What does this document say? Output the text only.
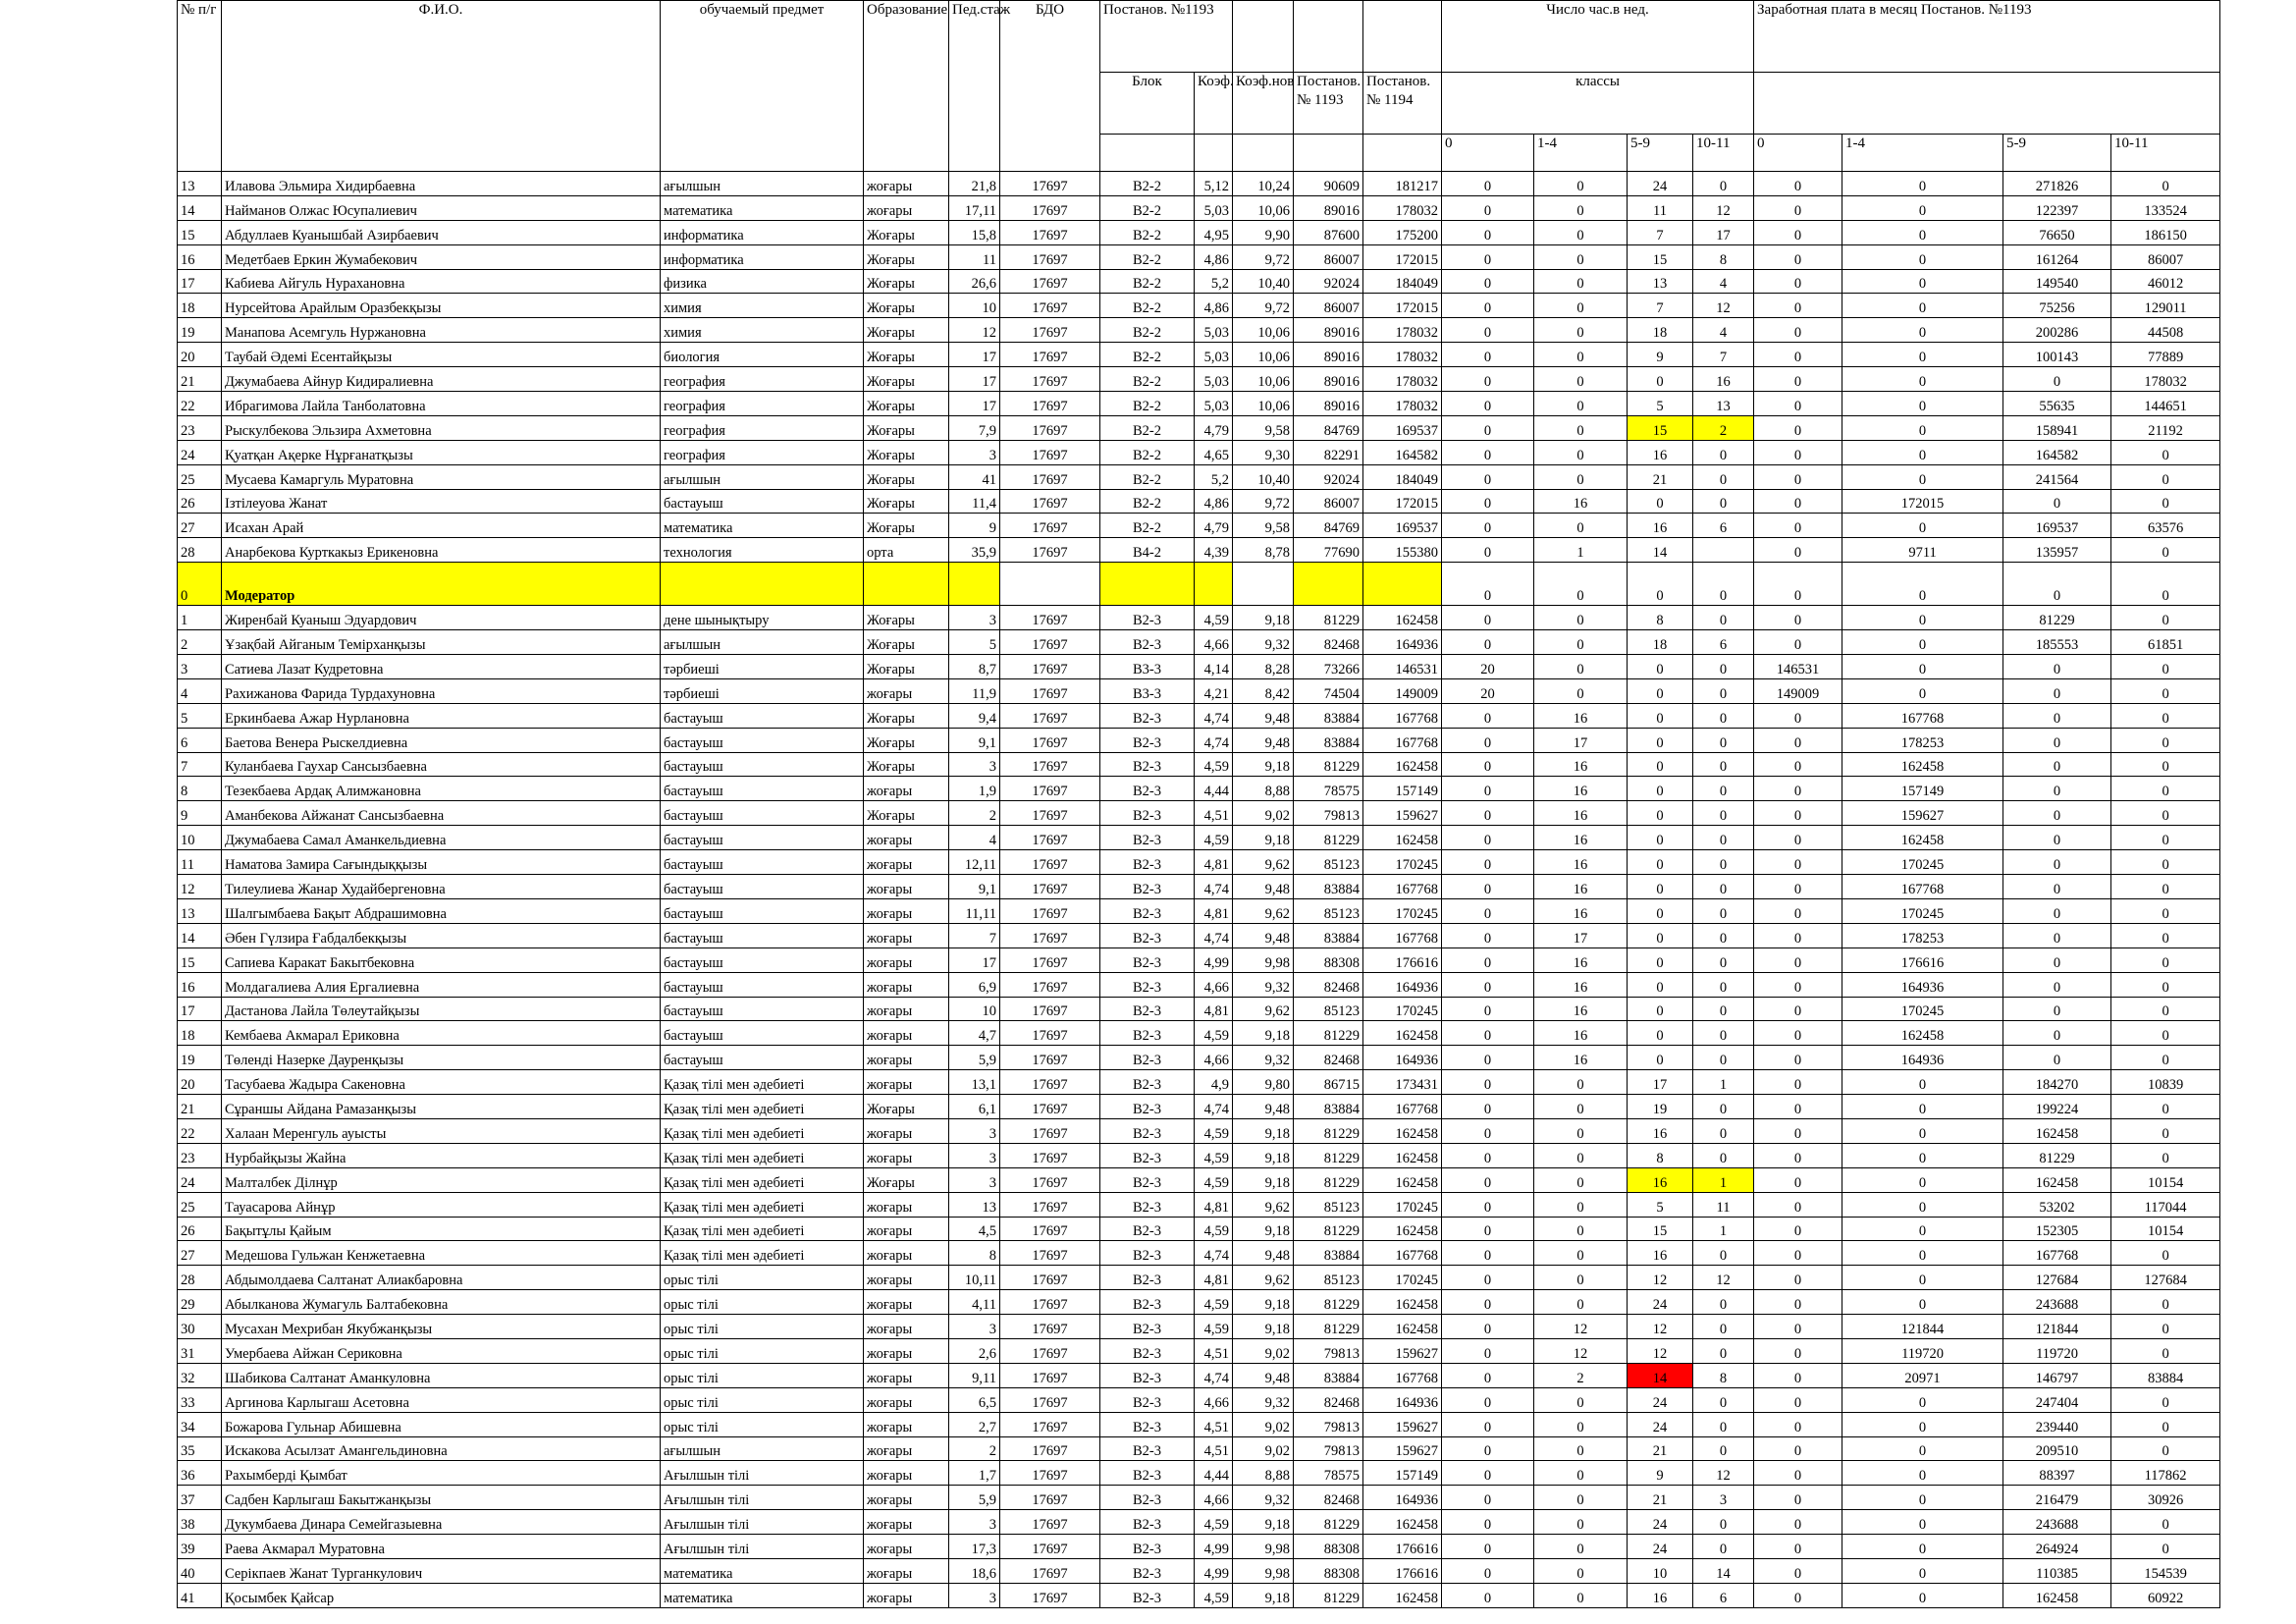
№ п/г	Ф.И.О.	обучаемый предмет	Образование	Пед.стаж	БДО	Постанов. №1193					Число час.в нед.				Заработная плата в месяц Постанов. №1193			
						Блок	Коэф.	Коэф.нов	Постанов. № 1193	Постанов. № 1194	классы							
											0	1-4	5-9	10-11	0	1-4	5-9	10-11
13	Илавова Эльмира Хидирбаевна	ағылшын	жоғары	21,8	17697	В2-2	5,12	10,24	90609	181217	0	0	24	0	0	0	271826	0
14	Найманов Олжас Юсупалиевич	математика	жоғары	17,11	17697	В2-2	5,03	10,06	89016	178032	0	0	11	12	0	0	122397	133524
15	Абдуллаев Куанышбай Азирбаевич	информатика	Жоғары	15,8	17697	В2-2	4,95	9,90	87600	175200	0	0	7	17	0	0	76650	186150
16	Медетбаев Еркин Жумабекович	информатика	Жоғары	11	17697	В2-2	4,86	9,72	86007	172015	0	0	15	8	0	0	161264	86007
17	Кабиева Айгуль Нурахановна	физика	Жоғары	26,6	17697	В2-2	5,2	10,40	92024	184049	0	0	13	4	0	0	149540	46012
18	Нурсейтова Арайлым Оразбекқызы	химия	Жоғары	10	17697	В2-2	4,86	9,72	86007	172015	0	0	7	12	0	0	75256	129011
19	Манапова Асемгуль Нуржановна	химия	Жоғары	12	17697	В2-2	5,03	10,06	89016	178032	0	0	18	4	0	0	200286	44508
20	Таубай Әдемі Есентайқызы	биология	Жоғары	17	17697	В2-2	5,03	10,06	89016	178032	0	0	9	7	0	0	100143	77889
21	Джумабаева Айнур Кидиралиевна	география	Жоғары	17	17697	В2-2	5,03	10,06	89016	178032	0	0	0	16	0	0	0	178032
22	Ибрагимова Лайла Танболатовна	география	Жоғары	17	17697	В2-2	5,03	10,06	89016	178032	0	0	5	13	0	0	55635	144651
23	Рыскулбекова Эльзира Ахметовна	география	Жоғары	7,9	17697	В2-2	4,79	9,58	84769	169537	0	0	15	2	0	0	158941	21192
24	Қуатқан Ақерке Нұрғанатқызы	география	Жоғары	3	17697	В2-2	4,65	9,30	82291	164582	0	0	16	0	0	0	164582	0
25	Мусаева Камаргуль Муратовна	ағылшын	Жоғары	41	17697	В2-2	5,2	10,40	92024	184049	0	0	21	0	0	0	241564	0
26	Ізтілеуова Жанат	бастауыш	Жоғары	11,4	17697	В2-2	4,86	9,72	86007	172015	0	16	0	0	0	172015	0	0
27	Исахан Арай	математика	Жоғары	9	17697	В2-2	4,79	9,58	84769	169537	0	0	16	6	0	0	169537	63576
28	Анарбекова Курткакыз Ерикеновна	технология	орта	35,9	17697	В4-2	4,39	8,78	77690	155380	0	1	14		0	9711	135957	0
0	Модератор										0	0	0	0	0	0	0	0
1	Жиренбай Куаныш Эдуардович	дене шынықтыру	Жоғары	3	17697	В2-3	4,59	9,18	81229	162458	0	0	8	0	0	0	81229	0
2	Ұзақбай Айганым Темірханқызы	ағылшын	Жоғары	5	17697	В2-3	4,66	9,32	82468	164936	0	0	18	6	0	0	185553	61851
3	Сатиева Лазат Кудретовна	тәрбиеші	Жоғары	8,7	17697	В3-3	4,14	8,28	73266	146531	20	0	0	0	146531	0	0	0
4	Рахижанова Фарида Турдахуновна	тәрбиеші	жоғары	11,9	17697	В3-3	4,21	8,42	74504	149009	20	0	0	0	149009	0	0	0
5	Еркинбаева Ажар Нурлановна	бастауыш	Жоғары	9,4	17697	В2-3	4,74	9,48	83884	167768	0	16	0	0	0	167768	0	0
6	Баетова Венера Рыскелдиевна	бастауыш	Жоғары	9,1	17697	В2-3	4,74	9,48	83884	167768	0	17	0	0	0	178253	0	0
7	Куланбаева Гаухар Сансызбаевна	бастауыш	Жоғары	3	17697	В2-3	4,59	9,18	81229	162458	0	16	0	0	0	162458	0	0
8	Тезекбаева Ардақ Алимжановна	бастауыш	жоғары	1,9	17697	В2-3	4,44	8,88	78575	157149	0	16	0	0	0	157149	0	0
9	Аманбекова Айжанат Сансызбаевна	бастауыш	Жоғары	2	17697	В2-3	4,51	9,02	79813	159627	0	16	0	0	0	159627	0	0
10	Джумабаева Самал Аманкельдиевна	бастауыш	жоғары	4	17697	В2-3	4,59	9,18	81229	162458	0	16	0	0	0	162458	0	0
11	Наматова Замира Сағындыққызы	бастауыш	жоғары	12,11	17697	В2-3	4,81	9,62	85123	170245	0	16	0	0	0	170245	0	0
12	Тилеулиева Жанар Худайбергеновна	бастауыш	жоғары	9,1	17697	В2-3	4,74	9,48	83884	167768	0	16	0	0	0	167768	0	0
13	Шалгымбаева Бақыт Абдрашимовна	бастауыш	жоғары	11,11	17697	В2-3	4,81	9,62	85123	170245	0	16	0	0	0	170245	0	0
14	Әбен Гүлзира Ғабдалбекқызы	бастауыш	жоғары	7	17697	В2-3	4,74	9,48	83884	167768	0	17	0	0	0	178253	0	0
15	Сапиева Каракат Бакытбековна	бастауыш	жоғары	17	17697	В2-3	4,99	9,98	88308	176616	0	16	0	0	0	176616	0	0
16	Молдагалиева Алия Ергалиевна	бастауыш	жоғары	6,9	17697	В2-3	4,66	9,32	82468	164936	0	16	0	0	0	164936	0	0
17	Дастанова Лайла Төлеутайқызы	бастауыш	жоғары	10	17697	В2-3	4,81	9,62	85123	170245	0	16	0	0	0	170245	0	0
18	Кембаева Акмарал Ериковна	бастауыш	жоғары	4,7	17697	В2-3	4,59	9,18	81229	162458	0	16	0	0	0	162458	0	0
19	Төленді Назерке Дауренқызы	бастауыш	жоғары	5,9	17697	В2-3	4,66	9,32	82468	164936	0	16	0	0	0	164936	0	0
20	Тасубаева Жадыра Сакеновна	Қазақ тілі мен әдебиеті	жоғары	13,1	17697	В2-3	4,9	9,80	86715	173431	0	0	17	1	0	0	184270	10839
21	Сұраншы Айдана Рамазанқызы	Қазақ тілі мен әдебиеті	Жоғары	6,1	17697	В2-3	4,74	9,48	83884	167768	0	0	19	0	0	0	199224	0
22	Халаан Меренгуль ауысты	Қазақ тілі мен әдебиеті	жоғары	3	17697	В2-3	4,59	9,18	81229	162458	0	0	16	0	0	0	162458	0
23	Нурбайқызы Жайна	Қазақ тілі мен әдебиеті	жоғары	3	17697	В2-3	4,59	9,18	81229	162458	0	0	8	0	0	0	81229	0
24	Малталбек Ділнұр	Қазақ тілі мен әдебиеті	Жоғары	3	17697	В2-3	4,59	9,18	81229	162458	0	0	16	1	0	0	162458	10154
25	Тауасарова Айнұр	Қазақ тілі мен әдебиеті	жоғары	13	17697	В2-3	4,81	9,62	85123	170245	0	0	5	11	0	0	53202	117044
26	Бақытұлы Қайым	Қазақ тілі мен әдебиеті	жоғары	4,5	17697	В2-3	4,59	9,18	81229	162458	0	0	15	1	0	0	152305	10154
27	Медешова Гульжан Кенжетаевна	Қазақ тілі мен әдебиеті	жоғары	8	17697	В2-3	4,74	9,48	83884	167768	0	0	16	0	0	0	167768	0
28	Абдымолдаева Салтанат Алиакбаровна	орыс тілі	жоғары	10,11	17697	В2-3	4,81	9,62	85123	170245	0	0	12	12	0	0	127684	127684
29	Абылканова Жумагуль Балтабековна	орыс тілі	жоғары	4,11	17697	В2-3	4,59	9,18	81229	162458	0	0	24	0	0	0	243688	0
30	Мусахан Мехрибан Якубжанқызы	орыс тілі	жоғары	3	17697	В2-3	4,59	9,18	81229	162458	0	12	12	0	0	121844	121844	0
31	Умербаева Айжан Сериковна	орыс тілі	жоғары	2,6	17697	В2-3	4,51	9,02	79813	159627	0	12	12	0	0	119720	119720	0
32	Шабикова Салтанат Аманкуловна	орыс тілі	жоғары	9,11	17697	В2-3	4,74	9,48	83884	167768	0	2	14	8	0	20971	146797	83884
33	Аргинова Карлыгаш Асетовна	орыс тілі	жоғары	6,5	17697	В2-3	4,66	9,32	82468	164936	0	0	24	0	0	0	247404	0
34	Божарова Гульнар Абишевна	орыс тілі	жоғары	2,7	17697	В2-3	4,51	9,02	79813	159627	0	0	24	0	0	0	239440	0
35	Искакова Асылзат Амангельдиновна	ағылшын	жоғары	2	17697	В2-3	4,51	9,02	79813	159627	0	0	21	0	0	0	209510	0
36	Рахымберді Қымбат	Ағылшын тілі	жоғары	1,7	17697	В2-3	4,44	8,88	78575	157149	0	0	9	12	0	0	88397	117862
37	Садбен Карлыгаш Бакытжанқызы	Ағылшын тілі	жоғары	5,9	17697	В2-3	4,66	9,32	82468	164936	0	0	21	3	0	0	216479	30926
38	Дукумбаева Динара Семейгазыевна	Ағылшын тілі	жоғары	3	17697	В2-3	4,59	9,18	81229	162458	0	0	24	0	0	0	243688	0
39	Раева Акмарал Муратовна	Ағылшын тілі	жоғары	17,3	17697	В2-3	4,99	9,98	88308	176616	0	0	24	0	0	0	264924	0
40	Серікпаев Жанат Турганкулович	математика	жоғары	18,6	17697	В2-3	4,99	9,98	88308	176616	0	0	10	14	0	0	110385	154539
41	Қосымбек Қайсар	математика	жоғары	3	17697	В2-3	4,59	9,18	81229	162458	0	0	16	6	0	0	162458	60922
